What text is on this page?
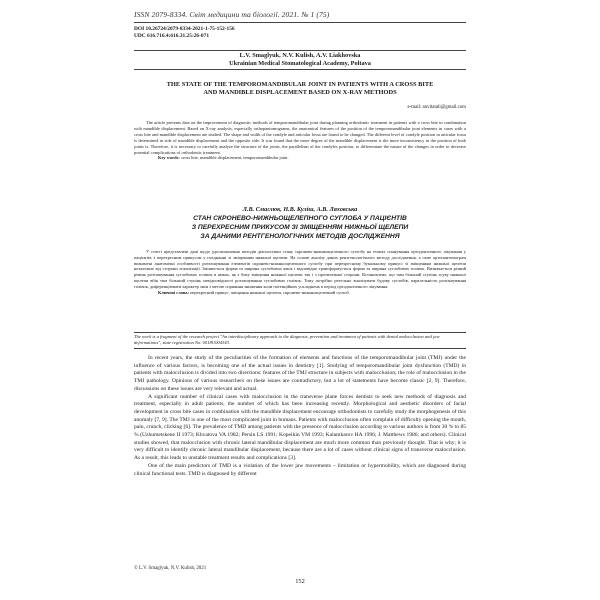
ISSN 2079-8334. Світ медицини та біології. 2021. № 1 (75)
DOI 10.26724/2079-8334-2021-1-75-152-156
UDC 616.716.4:616.31.25:26-071
L.V. Smaglyuk, N.V. Kulish, A.V. Liakhovska
Ukrainian Medical Stomatological Academy, Poltava
THE STATE OF THE TEMPOROMANDIBULAR JOINT IN PATIENTS WITH A CROSS BITE
AND MANDIBLE DISPLACEMENT BASED ON X-RAY METHODS
e-mail: anvitatali@gmail.com

The article presents data on the improvement of diagnostic methods of temporomandibular joint during planning orthodontic treatment in patients with a cross bite in combination with mandible displacement. Based on X-ray analysis, especially orthopantomograms, the anatomical features of the position of the temporomandibular joint elements in cases with a cross bite and mandible displacement are studied. The shape and width of the condyle and articular fossa are found to be changed. The different level of condyle position in articular fossa is determined in side of mandible displacement and the opposite side. It was found that the more degree of the mandible displacement is the more inconsistency in the position of both joints is. Therefore, it is necessary to carefully analyze the structure of the joints, the parallelism of the condyles position, to differentiate the nature of the changes in order to decrease potential complications of orthodontic treatment.

Key words: cross bite, mandible displacement, temporomandibular joint.

Л.В. Смаглюк, Н.В. Куліш, А.В. Ляховська
СТАН СКРОНЕВО-НИЖНЬОЩЕЛЕПНОГО СУГЛОБА У ПАЦІЄНТІВ
З ПЕРЕХРЕСНИМ ПРИКУСОМ ЗІ ЗМІЩЕННЯМ НИЖНЬОЇ ЩЕЛЕПИ
ЗА ДАНИМИ РЕНТГЕНОЛОГІЧНИХ МЕТОДІВ ДОСЛІДЖЕННЯ

У статті представлені дані щодо удосконалення методів діагностики стану скронево-нижньощелепного суглобу на етапах планування ортодонтичного лікування у пацієнтів з перехресним прикусом у поєднанні зі зміщенням нижньої щелепи. На основі аналізу даних рентгенологічного методу дослідження, а саме ортопантомограм визначені анатомічні особливості розташування елементів скронево-нижньощелепного суглобу при перехресному букальному прикусі зі зміщенням нижньої щелепи незалежно від сторони локалізації. Змінюється форма та ширина суглобових ямок і відповідно трансформується форма та ширина суглобових голівок. Визначається різний рівень розташування суглобових голівок в ямках, як з боку зміщення нижньої щелепи так і з протилежної сторони. Встановлено, що чим більший ступінь зсуву нижньої щелепи вбік тим більший ступінь невідповідності розташування суглобових голівок. Тому потрібно ретельно аналізувати будову суглобів, паралельність розташування голівок, диференціювати характер змін з метою сприяння зниження коли потенційних ускладнень в період ортодонтичного лікування.

Ключові слова: перехресний прикус, зміщення нижньої щелепи, скронево-нижньощелепний суглоб.

The work is a fragment of the research project "An interdisciplinary approach to the diagnosis, prevention and treatment of patients with dental malocclusion and jaw deformations", state registration No. 0018U004343.

In recent years, the study of the peculiarities of the formation of elements and functions of the temporomandibular joint (TMJ) under the influence of various factors, is becoming one of the actual issues in dentistry [1]. Studying of temporomandibular joint dysfunction (TMD) in patients with malocclusion is divided into two directions: features of the TMJ structure in subjects with malocclusion; the role of malocclusion in the TMJ pathology. Opinions of various researchers on these issues are contradictory, but a lot of statements have become classic [2, 9]. Therefore, discussions on these issues are very relevant and actual.

A significant number of clinical cases with malocclusion in the transverse plane forces dentists to seek new methods of diagnosis and treatment, especially in adult patients, the number of which has been increasing recently. Morphological and aesthetic disorders of facial development in cross bite cases in combination with the mandible displacement encourage orthodontists to carefully study the morphogenesis of this anomaly [7, 9]. The TMJ is one of the most complicated joint in humans. Patients with malocclusion often complain of difficulty opening the mouth, pain, crunch, clicking [6]. The prevalence of TMD among patients with the presence of malocclusion according to various authors is from 30 % to 85 % (Uzhumetskene II 1973; Khvatova VA 1982; Persin LS 1991; Kopeikin VM 1993; Kalamkarov HA 1996; J. Matthews 1986; and others). Clinical studies showed, that malocclusion with chronic lateral mandibular displacement are much more common than previously thought. That is why; it is very difficult to identify chronic lateral mandibular displacement, because there are a lot of cases without clinical signs of transverse malocclusion. As a result, this leads to unstable treatment results and complications [3].

One of the main predictors of TMD is a violation of the lower jaw movements – limitation or hypermobility, which are diagnosed during clinical functional tests. TMD is diagnosed by different

© L.V. Smaglyuk, N.V. Kulish, 2021
152
